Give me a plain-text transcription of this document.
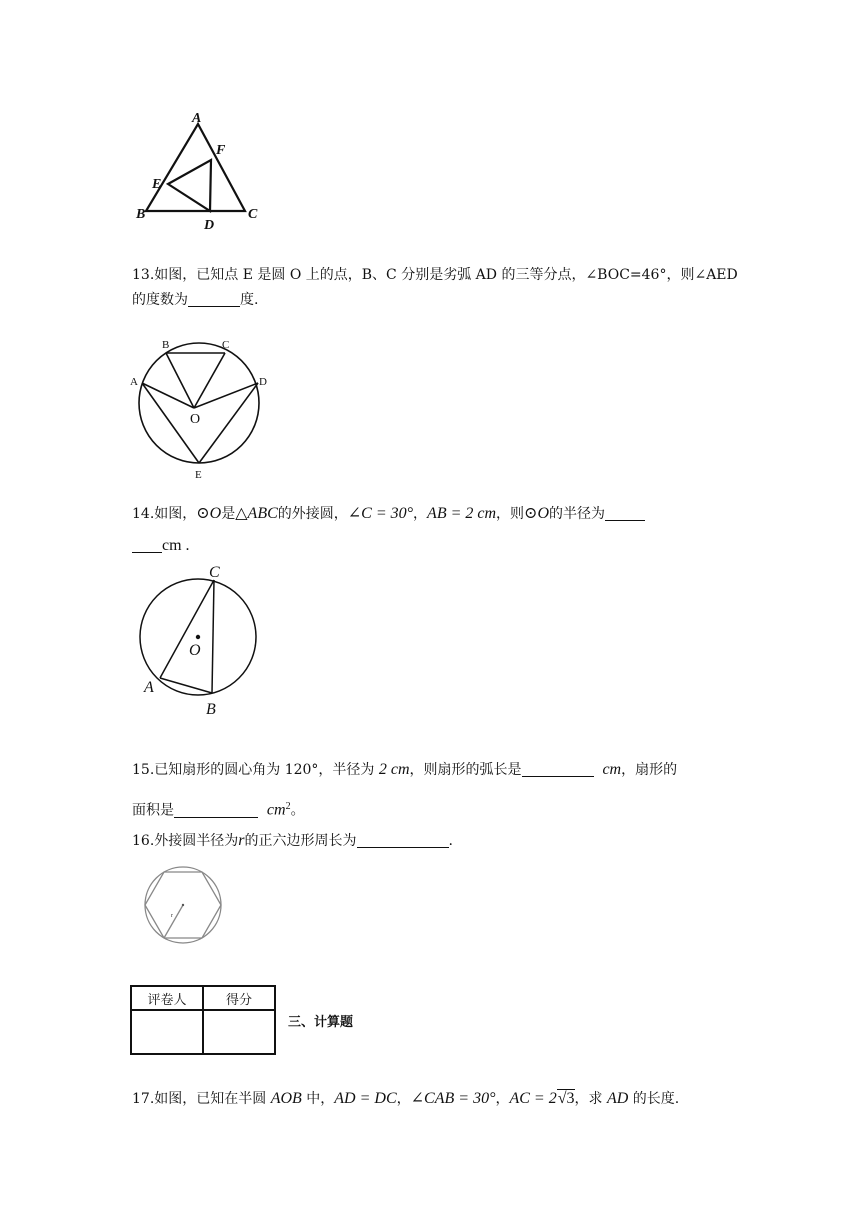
A
F
E
B
D
C
13.如图，已知点 E 是圆 O 上的点，B、C 分别是劣弧 AD 的三等分点，∠BOC=46°，则∠AED
的度数为	度.
B	C
A	D
O
E
14.如图，⊙O是△ABC的外接圆，∠C = 30°，AB = 2 cm，则⊙O的半径为
cm .
C
O
A
B
15.已知扇形的圆心角为 120°，半径为 2 cm，则扇形的弧长是	cm，扇形的
面积是	$cm^2$。
16.外接圆半径为r的正六边形周长为	.
r
评卷人	得分

三、计算题
17.如图，已知在半圆 AOB 中，AD = DC，∠CAB = 30°，AC = 2√3，求 AD 的长度.
